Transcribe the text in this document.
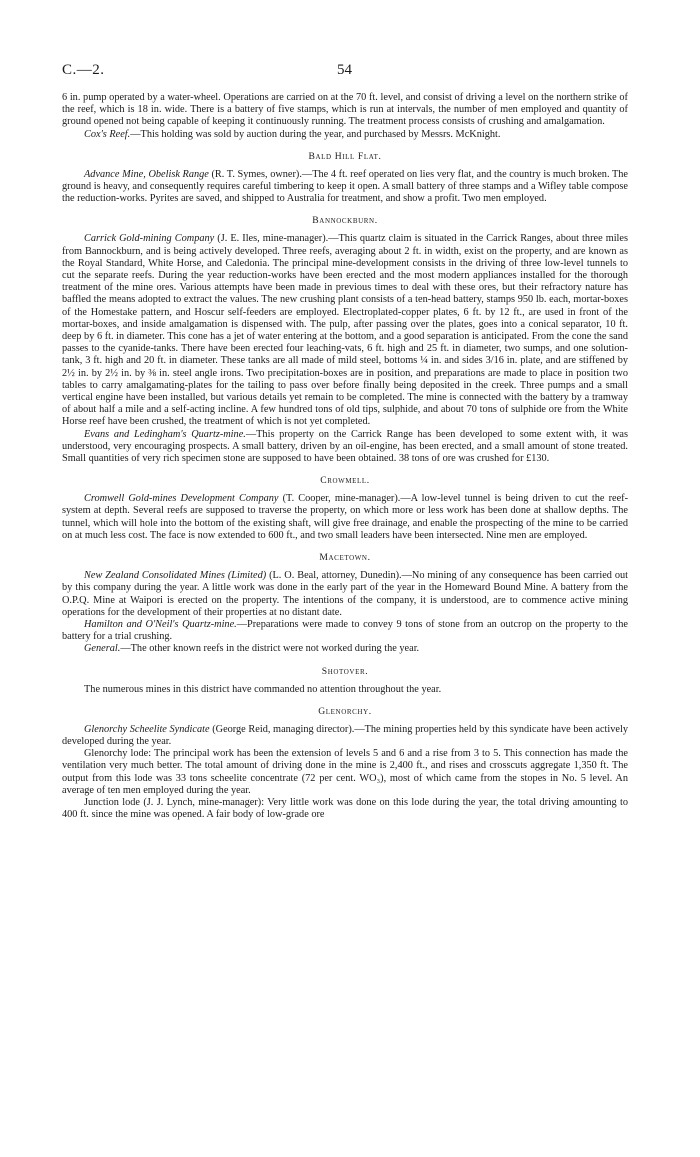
C.—2.	54

6 in. pump operated by a water-wheel. Operations are carried on at the 70 ft. level, and consist of driving a level on the northern strike of the reef, which is 18 in. wide. There is a battery of five stamps, which is run at intervals, the number of men employed and quantity of ground opened not being capable of keeping it continuously running. The treatment process consists of crushing and amalgamation.

Cox's Reef.—This holding was sold by auction during the year, and purchased by Messrs. McKnight.

Bald Hill Flat.

Advance Mine, Obelisk Range (R. T. Symes, owner).—The 4 ft. reef operated on lies very flat, and the country is much broken. The ground is heavy, and consequently requires careful timbering to keep it open. A small battery of three stamps and a Wifley table compose the reduction-works. Pyrites are saved, and shipped to Australia for treatment, and show a profit. Two men employed.

Bannockburn.

Carrick Gold-mining Company (J. E. Iles, mine-manager).—This quartz claim is situated in the Carrick Ranges, about three miles from Bannockburn, and is being actively developed. Three reefs, averaging about 2 ft. in width, exist on the property, and are known as the Royal Standard, White Horse, and Caledonia. The principal mine-development consists in the driving of three low-level tunnels to cut the separate reefs. During the year reduction-works have been erected and the most modern appliances installed for the thorough treatment of the mine ores. Various attempts have been made in previous times to deal with these ores, but their refractory nature has baffled the means adopted to extract the values. The new crushing plant consists of a ten-head battery, stamps 950 lb. each, mortar-boxes of the Homestake pattern, and Hoscur self-feeders are employed. Electroplated-copper plates, 6 ft. by 12 ft., are used in front of the mortar-boxes, and inside amalgamation is dispensed with. The pulp, after passing over the plates, goes into a conical separator, 10 ft. deep by 6 ft. in diameter. This cone has a jet of water entering at the bottom, and a good separation is anticipated. From the cone the sand passes to the cyanide-tanks. There have been erected four leaching-vats, 6 ft. high and 25 ft. in diameter, two sumps, and one solution-tank, 3 ft. high and 20 ft. in diameter. These tanks are all made of mild steel, bottoms ¼ in. and sides 3/16 in. plate, and are stiffened by 2½ in. by 2½ in. by ⅜ in. steel angle irons. Two precipitation-boxes are in position, and preparations are made to place in position two tables to carry amalgamating-plates for the tailing to pass over before finally being deposited in the creek. Three pumps and a small vertical engine have been installed, but various details yet remain to be completed. The mine is connected with the battery by a tramway of about half a mile and a self-acting incline. A few hundred tons of old tips, sulphide, and about 70 tons of sulphide ore from the White Horse reef have been crushed, the treatment of which is not yet completed.

Evans and Ledingham's Quartz-mine.—This property on the Carrick Range has been developed to some extent with, it was understood, very encouraging prospects. A small battery, driven by an oil-engine, has been erected, and a small amount of stone treated. Small quantities of very rich specimen stone are supposed to have been obtained. 38 tons of ore was crushed for £130.

Crowmell.

Cromwell Gold-mines Development Company (T. Cooper, mine-manager).—A low-level tunnel is being driven to cut the reef-system at depth. Several reefs are supposed to traverse the property, on which more or less work has been done at shallow depths. The tunnel, which will hole into the bottom of the existing shaft, will give free drainage, and enable the prospecting of the mine to be carried on at much less cost. The face is now extended to 600 ft., and two small leaders have been intersected. Nine men are employed.

Macetown.

New Zealand Consolidated Mines (Limited) (L. O. Beal, attorney, Dunedin).—No mining of any consequence has been carried out by this company during the year. A little work was done in the early part of the year in the Homeward Bound Mine. A battery from the O.P.Q. Mine at Waipori is erected on the property. The intentions of the company, it is understood, are to commence active mining operations for the development of their properties at no distant date.

Hamilton and O'Neil's Quartz-mine.—Preparations were made to convey 9 tons of stone from an outcrop on the property to the battery for a trial crushing.

General.—The other known reefs in the district were not worked during the year.

Shotover.

The numerous mines in this district have commanded no attention throughout the year.

Glenorchy.

Glenorchy Scheelite Syndicate (George Reid, managing director).—The mining properties held by this syndicate have been actively developed during the year.

Glenorchy lode: The principal work has been the extension of levels 5 and 6 and a rise from 3 to 5. This connection has made the ventilation very much better. The total amount of driving done in the mine is 2,400 ft., and rises and crosscuts aggregate 1,350 ft. The output from this lode was 33 tons scheelite concentrate (72 per cent. WO₃), most of which came from the stopes in No. 5 level. An average of ten men employed during the year.

Junction lode (J. J. Lynch, mine-manager): Very little work was done on this lode during the year, the total driving amounting to 400 ft. since the mine was opened. A fair body of low-grade ore
